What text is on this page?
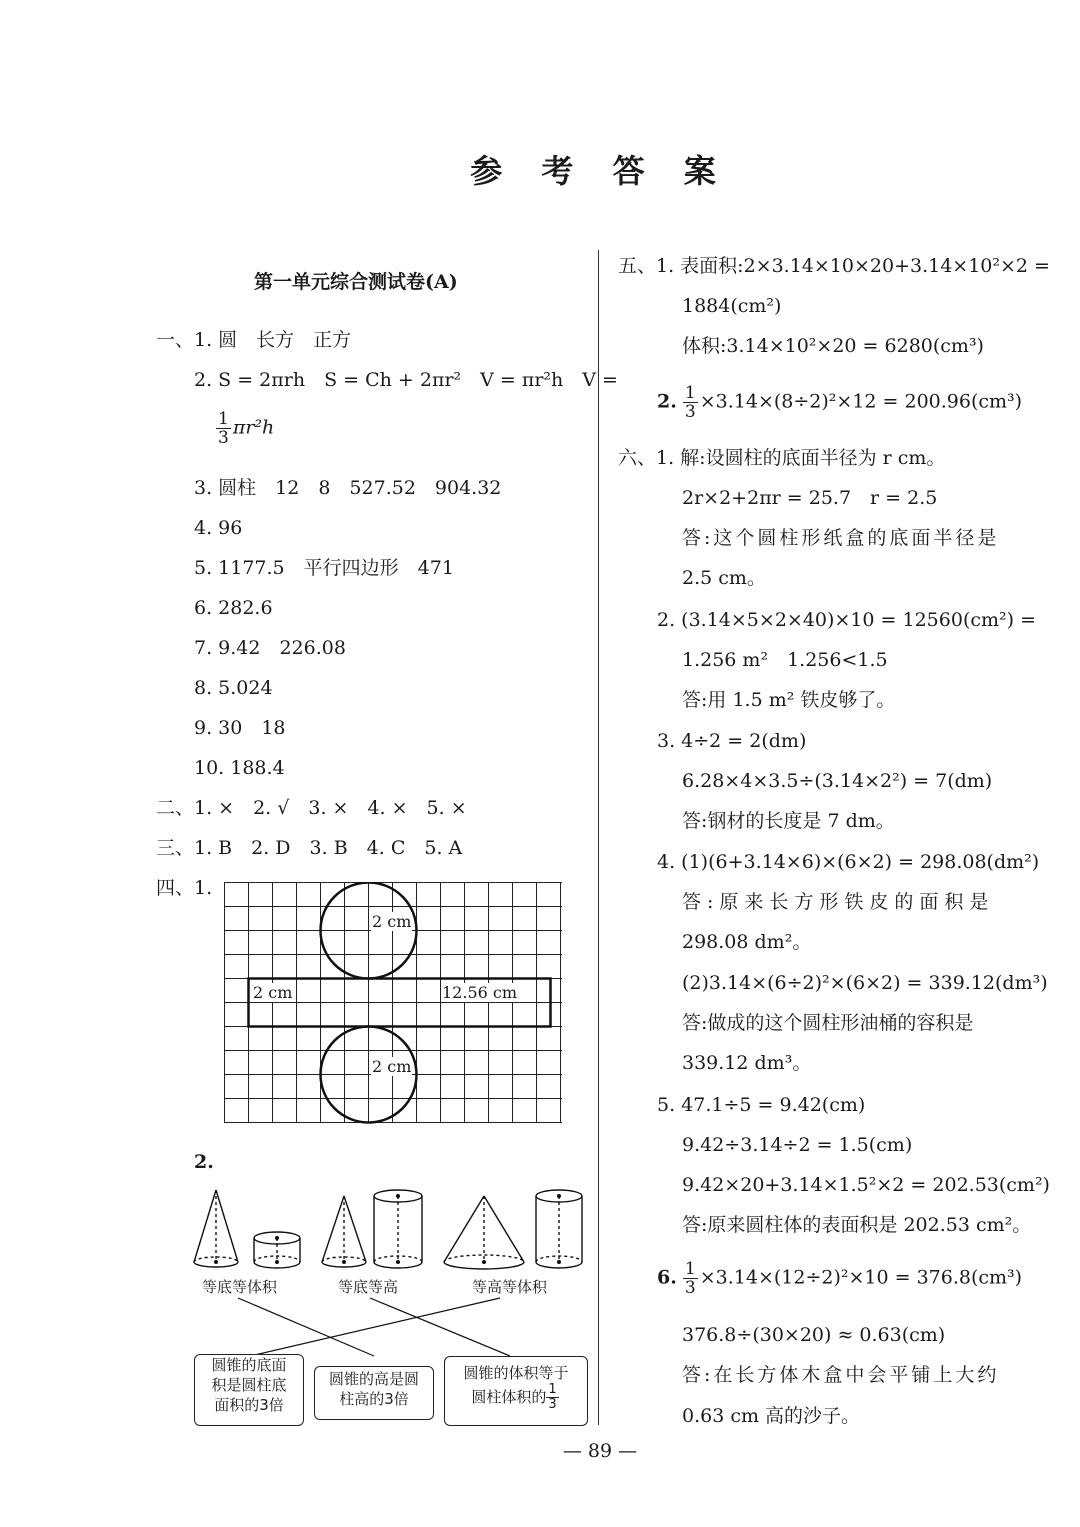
参 考 答 案
第一单元综合测试卷(A)
一、 1. 圆　长方　正方
2. S = 2πrh　S = Ch + 2πr²　V = πr²h　V =
$\frac{1}{3} \pi r^2h$
3. 圆柱　12　8　527.52　904.32
4. 96
5. 1177.5　平行四边形　471
6. 282.6
7. 9.42　226.08
8. 5.024
9. 30　18
10. 188.4
二、1. ×　2. √　3. ×　4. ×　5. ×
三、1. B　2. D　3. B　4. C　5. A
四、1.
2 cm
2 cm	12.56 cm
2 cm
2.
等底等体积	等底等高	等高等体积
圆锥的底面
积是圆柱底
面积的3倍
圆锥的高是圆
柱高的3倍
圆锥的体积等于
圆柱体积的 $\frac{1}{3}$
五、1. 表面积:2×3.14×10×20+3.14×10²×2 =
1884(cm²)
体积:3.14×10²×20 = 6280(cm³)
2. $\frac{1}{3} \times 3.14\times(8\div 2)^2\times 12 = 200.96(cm^3)$
六、1. 解:设圆柱的底面半径为 r cm。
2r×2+2πr = 25.7　r = 2.5
答:这个圆柱形纸盒的底面半径是
2.5 cm。
2. (3.14×5×2×40)×10 = 12560(cm²) =
1.256 m²　1.256<1.5
答:用 1.5 m² 铁皮够了。
3. 4÷2 = 2(dm)
6.28×4×3.5÷(3.14×2²) = 7(dm)
答:钢材的长度是 7 dm。
4. (1)(6+3.14×6)×(6×2) = 298.08(dm²)
答:原来长方形铁皮的面积是
298.08 dm²。
(2)3.14×(6÷2)²×(6×2) = 339.12(dm³)
答:做成的这个圆柱形油桶的容积是
339.12 dm³。
5. 47.1÷5 = 9.42(cm)
9.42÷3.14÷2 = 1.5(cm)
9.42×20+3.14×1.5²×2 = 202.53(cm²)
答:原来圆柱体的表面积是 202.53 cm²。
6. $\frac{1}{3} \times 3.14\times(12\div 2)^2\times 10 = 376.8(cm^3)$
376.8÷(30×20) ≈ 0.63(cm)
答:在长方体木盒中会平铺上大约
0.63 cm 高的沙子。
— 89 —
